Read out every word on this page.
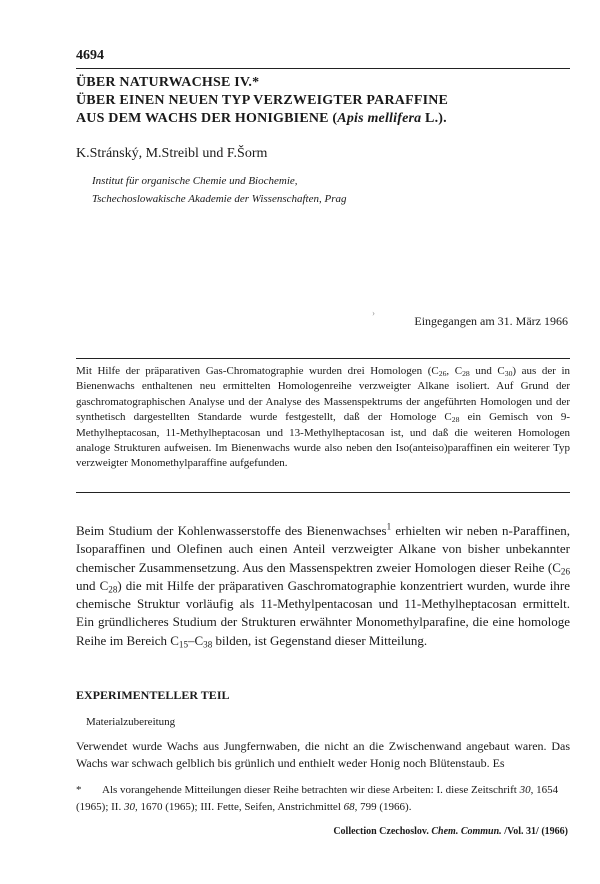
4694
ÜBER NATURWACHSE IV.*
ÜBER EINEN NEUEN TYP VERZWEIGTER PARAFFINE
AUS DEM WACHS DER HONIGBIENE (Apis mellifera L.).
K.Stránský, M.Streibl und F.Šorm
Institut für organische Chemie und Biochemie,
Tschechoslowakische Akademie der Wissenschaften, Prag
›
Eingegangen am 31. März 1966
Mit Hilfe der präparativen Gas-Chromatographie wurden drei Homologen ($C_{26}$, $C_{28}$ und $C_{30}$) aus der in Bienenwachs enthaltenen neu ermittelten Homologenreihe verzweigter Alkane isoliert. Auf Grund der gaschromatographischen Analyse und der Analyse des Massenspektrums der angeführten Homologen und der synthetisch dargestellten Standarde wurde festgestellt, daß der Homologe $C_{28}$ ein Gemisch von 9-Methylheptacosan, 11-Methylheptacosan und 13-Methylheptacosan ist, und daß die weiteren Homologen analoge Strukturen aufweisen. Im Bienenwachs wurde also neben den Iso(anteiso)paraffinen ein weiterer Typ verzweigter Monomethylparaffine aufgefunden.
Beim Studium der Kohlenwasserstoffe des Bienenwachses$^1$ erhielten wir neben n-Paraffinen, Isoparaffinen und Olefinen auch einen Anteil verzweigter Alkane von bisher unbekannter chemischer Zusammensetzung. Aus den Massenspektren zweier Homologen dieser Reihe ($C_{26}$ und $C_{28}$) die mit Hilfe der präparativen Gaschromatographie konzentriert wurden, wurde ihre chemische Struktur vorläufig als 11-Methylpentacosan und 11-Methylheptacosan ermittelt. Ein gründlicheres Studium der Strukturen erwähnter Monomethylparafine, die eine homologe Reihe im Bereich $C_{15}-C_{38}$ bilden, ist Gegenstand dieser Mitteilung.
EXPERIMENTELLER TEIL
Materialzubereitung
Verwendet wurde Wachs aus Jungfernwaben, die nicht an die Zwischenwand angebaut waren. Das Wachs war schwach gelblich bis grünlich und enthielt weder Honig noch Blütenstaub. Es
* Als vorangehende Mitteilungen dieser Reihe betrachten wir diese Arbeiten: I. diese Zeitschrift 30, 1654 (1965); II. 30, 1670 (1965); III. Fette, Seifen, Anstrichmittel 68, 799 (1966).
Collection Czechoslov. Chem. Commun. /Vol. 31/ (1966)
